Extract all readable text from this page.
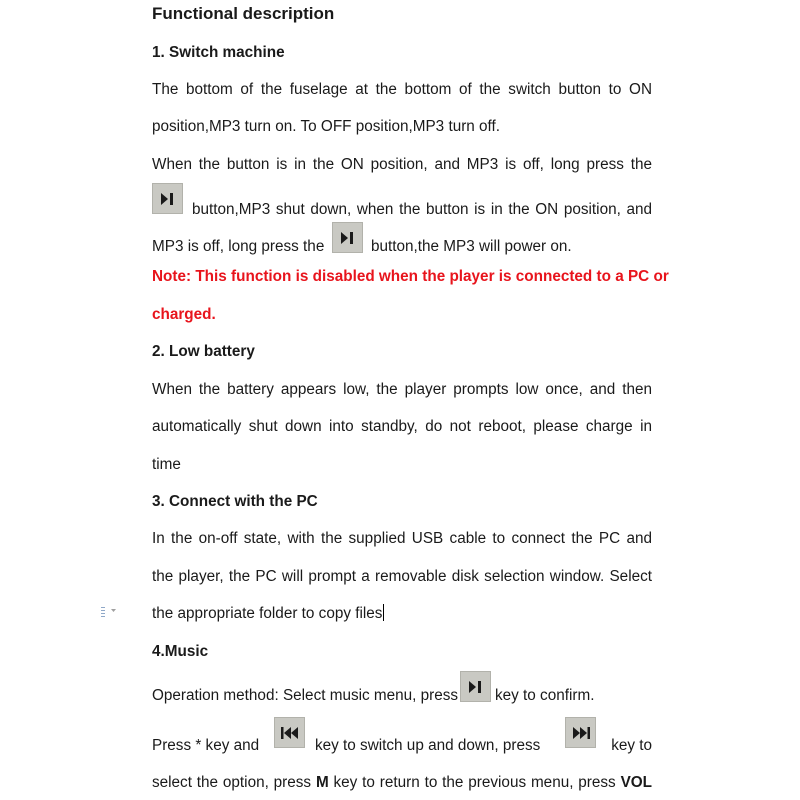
Functional description
1. Switch machine
The bottom of the fuselage at the bottom of the switch button to ON
position,MP3 turn on. To OFF position,MP3 turn off.
When the button is in the ON position, and MP3 is off, long press the
button,MP3 shut down, when the button is in the ON position, and
MP3 is off, long press the	button,the MP3 will power on.
Note: This function is disabled when the player is connected to a PC or
charged.
2. Low battery
When the battery appears low, the player prompts low once, and then
automatically shut down into standby, do not reboot, please charge in
time
3. Connect with the PC
In the on-off state, with the supplied USB cable to connect the PC and
the player, the PC will prompt a removable disk selection window. Select
the appropriate folder to copy files
4.Music
Operation method: Select music menu, press	key to confirm.
Press * key and	key to switch up and down, press	key to
select the option, press M key to return to the previous menu, press VOL
